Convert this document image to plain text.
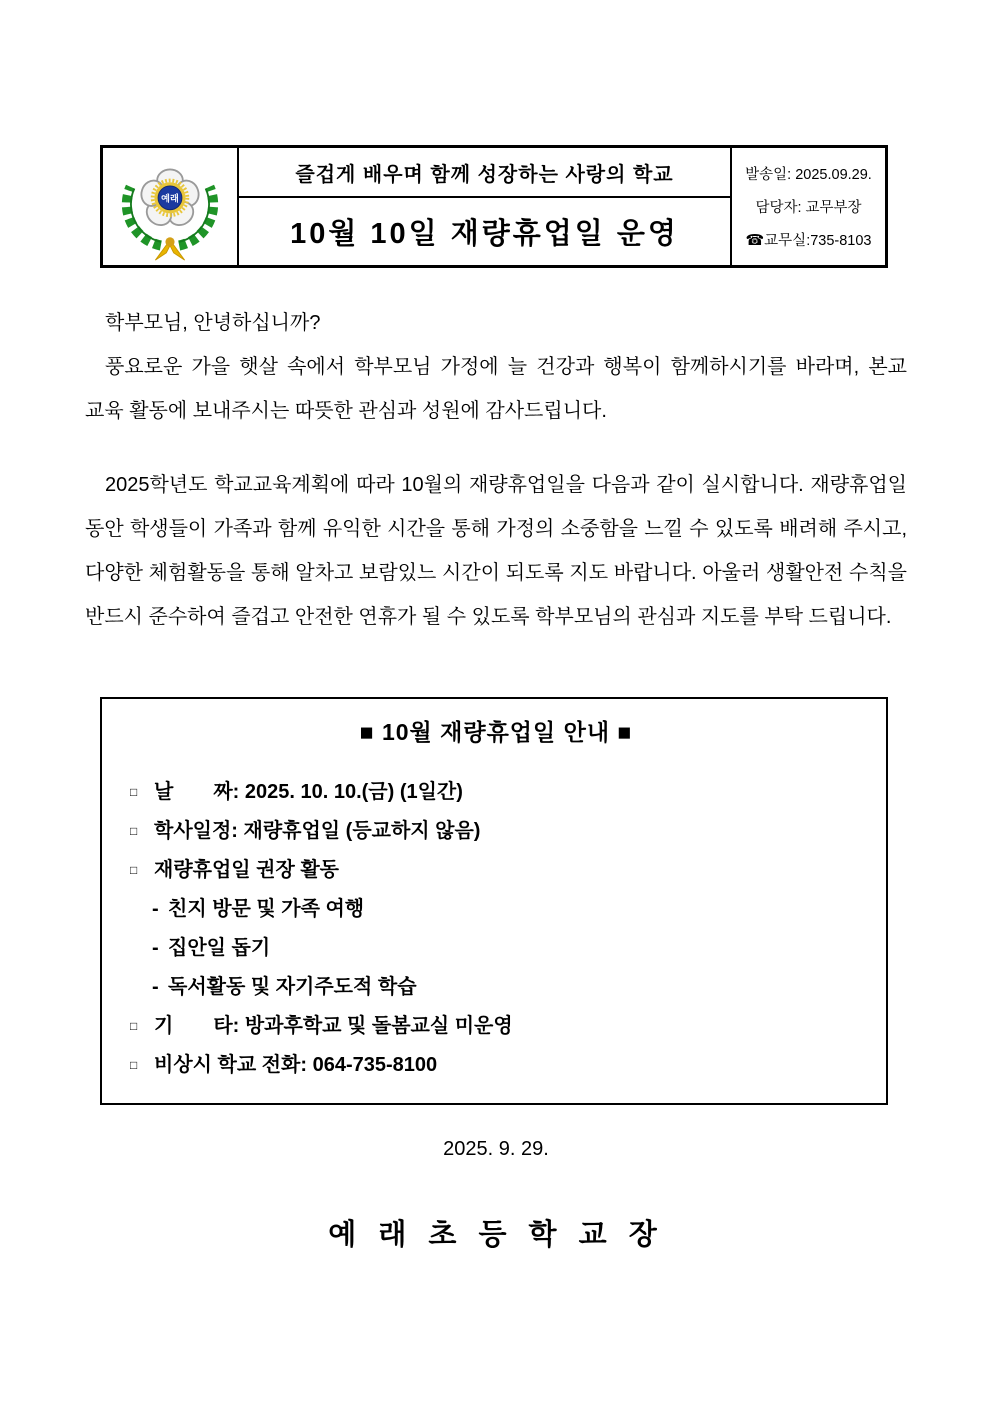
예래
즐겁게 배우며 함께 성장하는 사랑의 학교
10월 10일 재량휴업일 운영
발송일: 2025.09.29.
담당자: 교무부장
☎교무실:735-8103

학부모님, 안녕하십니까?

풍요로운 가을 햇살 속에서 학부모님 가정에 늘 건강과 행복이 함께하시기를 바라며, 본교 교육 활동에 보내주시는 따뜻한 관심과 성원에 감사드립니다.

2025학년도 학교교육계획에 따라 10월의 재량휴업일을 다음과 같이 실시합니다. 재량휴업일 동안 학생들이 가족과 함께 유익한 시간을 통해 가정의 소중함을 느낄 수 있도록 배려해 주시고, 다양한 체험활동을 통해 알차고 보람있느 시간이 되도록 지도 바랍니다. 아울러 생활안전 수칙을 반드시 준수하여 즐겁고 안전한 연휴가 될 수 있도록 학부모님의 관심과 지도를 부탁 드립니다.

■ 10월 재량휴업일 안내 ■
□ 날　　짜: 2025. 10. 10.(금) (1일간)
□ 학사일정: 재량휴업일 (등교하지 않음)
□ 재량휴업일 권장 활동
- 친지 방문 및 가족 여행
- 집안일 돕기
- 독서활동 및 자기주도적 학습
□ 기　　타: 방과후학교 및 돌봄교실 미운영
□ 비상시 학교 전화: 064-735-8100
2025. 9. 29.
예 래 초 등 학 교 장
